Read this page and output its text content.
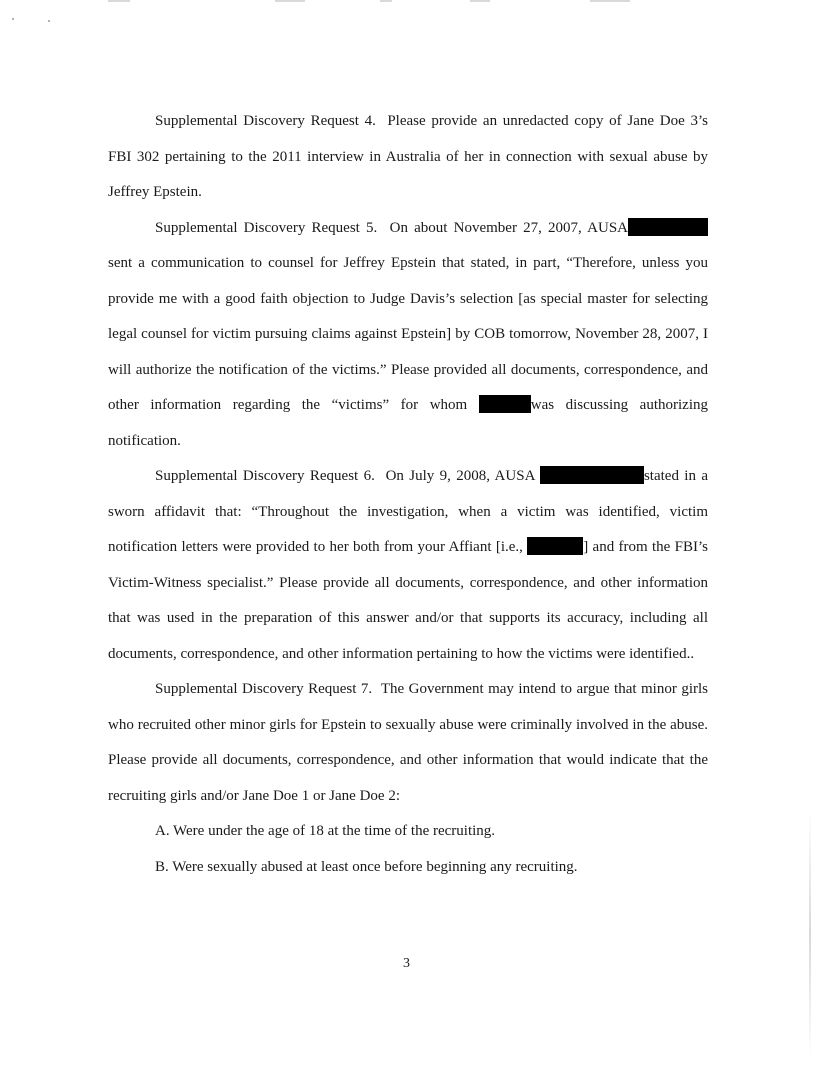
Supplemental Discovery Request 4. Please provide an unredacted copy of Jane Doe 3’s FBI 302 pertaining to the 2011 interview in Australia of her in connection with sexual abuse by Jeffrey Epstein.

Supplemental Discovery Request 5. On about November 27, 2007, AUSA sent a communication to counsel for Jeffrey Epstein that stated, in part, “Therefore, unless you provide me with a good faith objection to Judge Davis’s selection [as special master for selecting legal counsel for victim pursuing claims against Epstein] by COB tomorrow, November 28, 2007, I will authorize the notification of the victims.” Please provided all documents, correspondence, and other information regarding the “victims” for whom	was discussing authorizing notification.

Supplemental Discovery Request 6. On July 9, 2008, AUSA	stated in a sworn affidavit that: “Throughout the investigation, when a victim was identified, victim notification letters were provided to her both from your Affiant [i.e.,	] and from the FBI’s Victim-Witness specialist.” Please provide all documents, correspondence, and other information that was used in the preparation of this answer and/or that supports its accuracy, including all documents, correspondence, and other information pertaining to how the victims were identified..

Supplemental Discovery Request 7. The Government may intend to argue that minor girls who recruited other minor girls for Epstein to sexually abuse were criminally involved in the abuse. Please provide all documents, correspondence, and other information that would indicate that the recruiting girls and/or Jane Doe 1 or Jane Doe 2:

A. Were under the age of 18 at the time of the recruiting.

B. Were sexually abused at least once before beginning any recruiting.

3
